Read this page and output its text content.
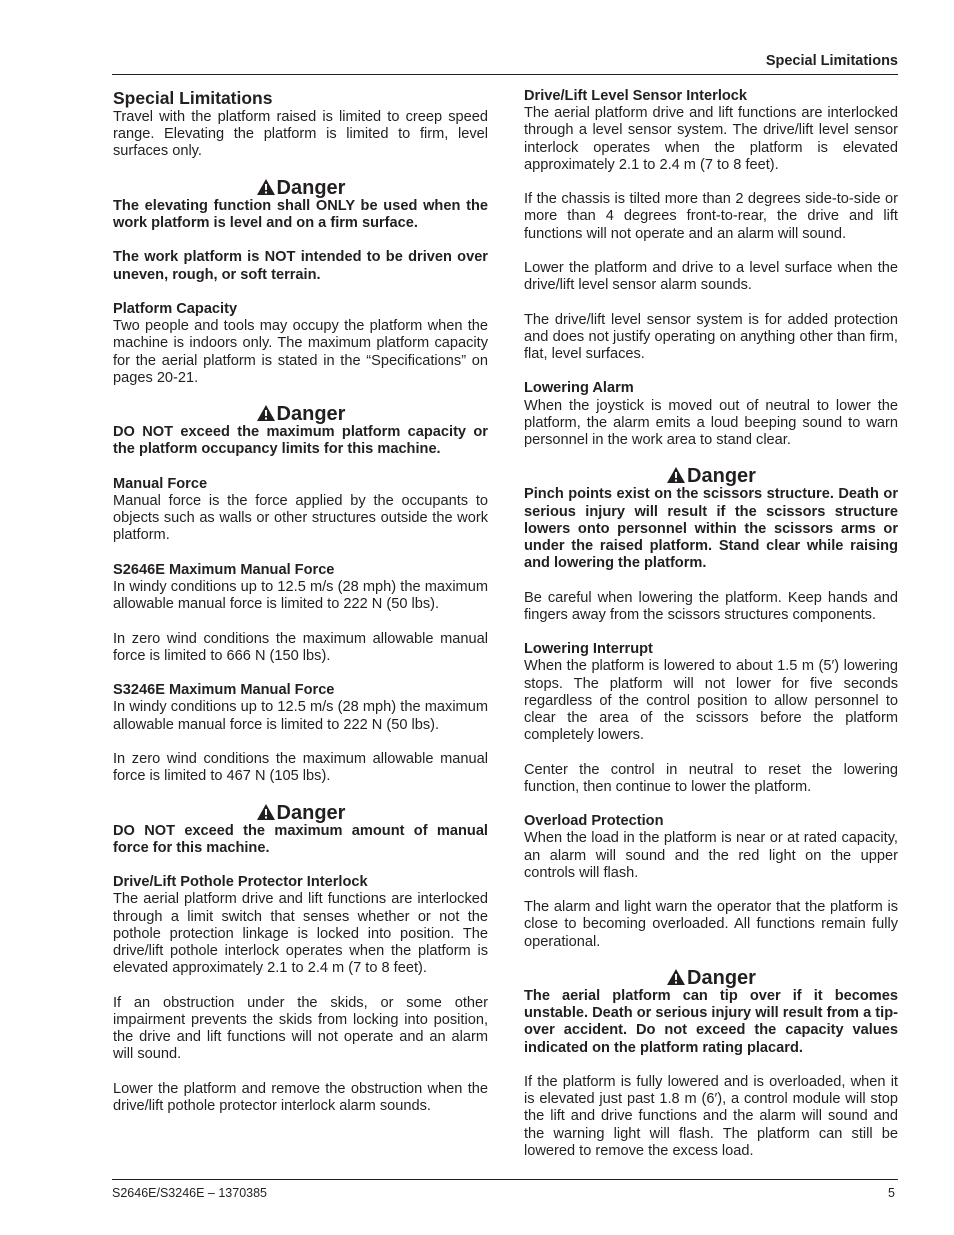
Special Limitations
Special Limitations

Travel with the platform raised is limited to creep speed range. Elevating the platform is limited to firm, level surfaces only.

Danger

The elevating function shall ONLY be used when the work platform is level and on a firm surface.

The work platform is NOT intended to be driven over uneven, rough, or soft terrain.

Platform Capacity

Two people and tools may occupy the platform when the machine is indoors only. The maximum platform capacity for the aerial platform is stated in the “Specifications” on pages 20-21.

Danger

DO NOT exceed the maximum platform capacity or the platform occupancy limits for this machine.

Manual Force

Manual force is the force applied by the occupants to objects such as walls or other structures outside the work platform.

S2646E Maximum Manual Force

In windy conditions up to 12.5 m/s (28 mph) the maximum allowable manual force is limited to 222 N (50 lbs).

In zero wind conditions the maximum allowable manual force is limited to 666 N (150 lbs).

S3246E Maximum Manual Force

In windy conditions up to 12.5 m/s (28 mph) the maximum allowable manual force is limited to 222 N (50 lbs).

In zero wind conditions the maximum allowable manual force is limited to 467 N (105 lbs).

Danger

DO NOT exceed the maximum amount of manual force for this machine.

Drive/Lift Pothole Protector Interlock

The aerial platform drive and lift functions are interlocked through a limit switch that senses whether or not the pothole protection linkage is locked into position. The drive/lift pothole interlock operates when the platform is elevated approximately 2.1 to 2.4 m (7 to 8 feet).

If an obstruction under the skids, or some other impairment prevents the skids from locking into position, the drive and lift functions will not operate and an alarm will sound.

Lower the platform and remove the obstruction when the drive/lift pothole protector interlock alarm sounds.

Drive/Lift Level Sensor Interlock

The aerial platform drive and lift functions are interlocked through a level sensor system. The drive/lift level sensor interlock operates when the platform is elevated approximately 2.1 to 2.4 m (7 to 8 feet).

If the chassis is tilted more than 2 degrees side-to-side or more than 4 degrees front-to-rear, the drive and lift functions will not operate and an alarm will sound.

Lower the platform and drive to a level surface when the drive/lift level sensor alarm sounds.

The drive/lift level sensor system is for added protection and does not justify operating on anything other than firm, flat, level surfaces.

Lowering Alarm

When the joystick is moved out of neutral to lower the platform, the alarm emits a loud beeping sound to warn personnel in the work area to stand clear.

Danger

Pinch points exist on the scissors structure. Death or serious injury will result if the scissors structure lowers onto personnel within the scissors arms or under the raised platform. Stand clear while raising and lowering the platform.

Be careful when lowering the platform. Keep hands and fingers away from the scissors structures components.

Lowering Interrupt

When the platform is lowered to about 1.5 m (5′) lowering stops. The platform will not lower for five seconds regardless of the control position to allow personnel to clear the area of the scissors before the platform completely lowers.

Center the control in neutral to reset the lowering function, then continue to lower the platform.

Overload Protection

When the load in the platform is near or at rated capacity, an alarm will sound and the red light on the upper controls will flash.

The alarm and light warn the operator that the platform is close to becoming overloaded. All functions remain fully operational.

Danger

The aerial platform can tip over if it becomes unstable. Death or serious injury will result from a tip-over accident. Do not exceed the capacity values indicated on the platform rating placard.

If the platform is fully lowered and is overloaded, when it is elevated just past 1.8 m (6′), a control module will stop the lift and drive functions and the alarm will sound and the warning light will flash. The platform can still be lowered to remove the excess load.

S2646E/S3246E – 1370385	5
